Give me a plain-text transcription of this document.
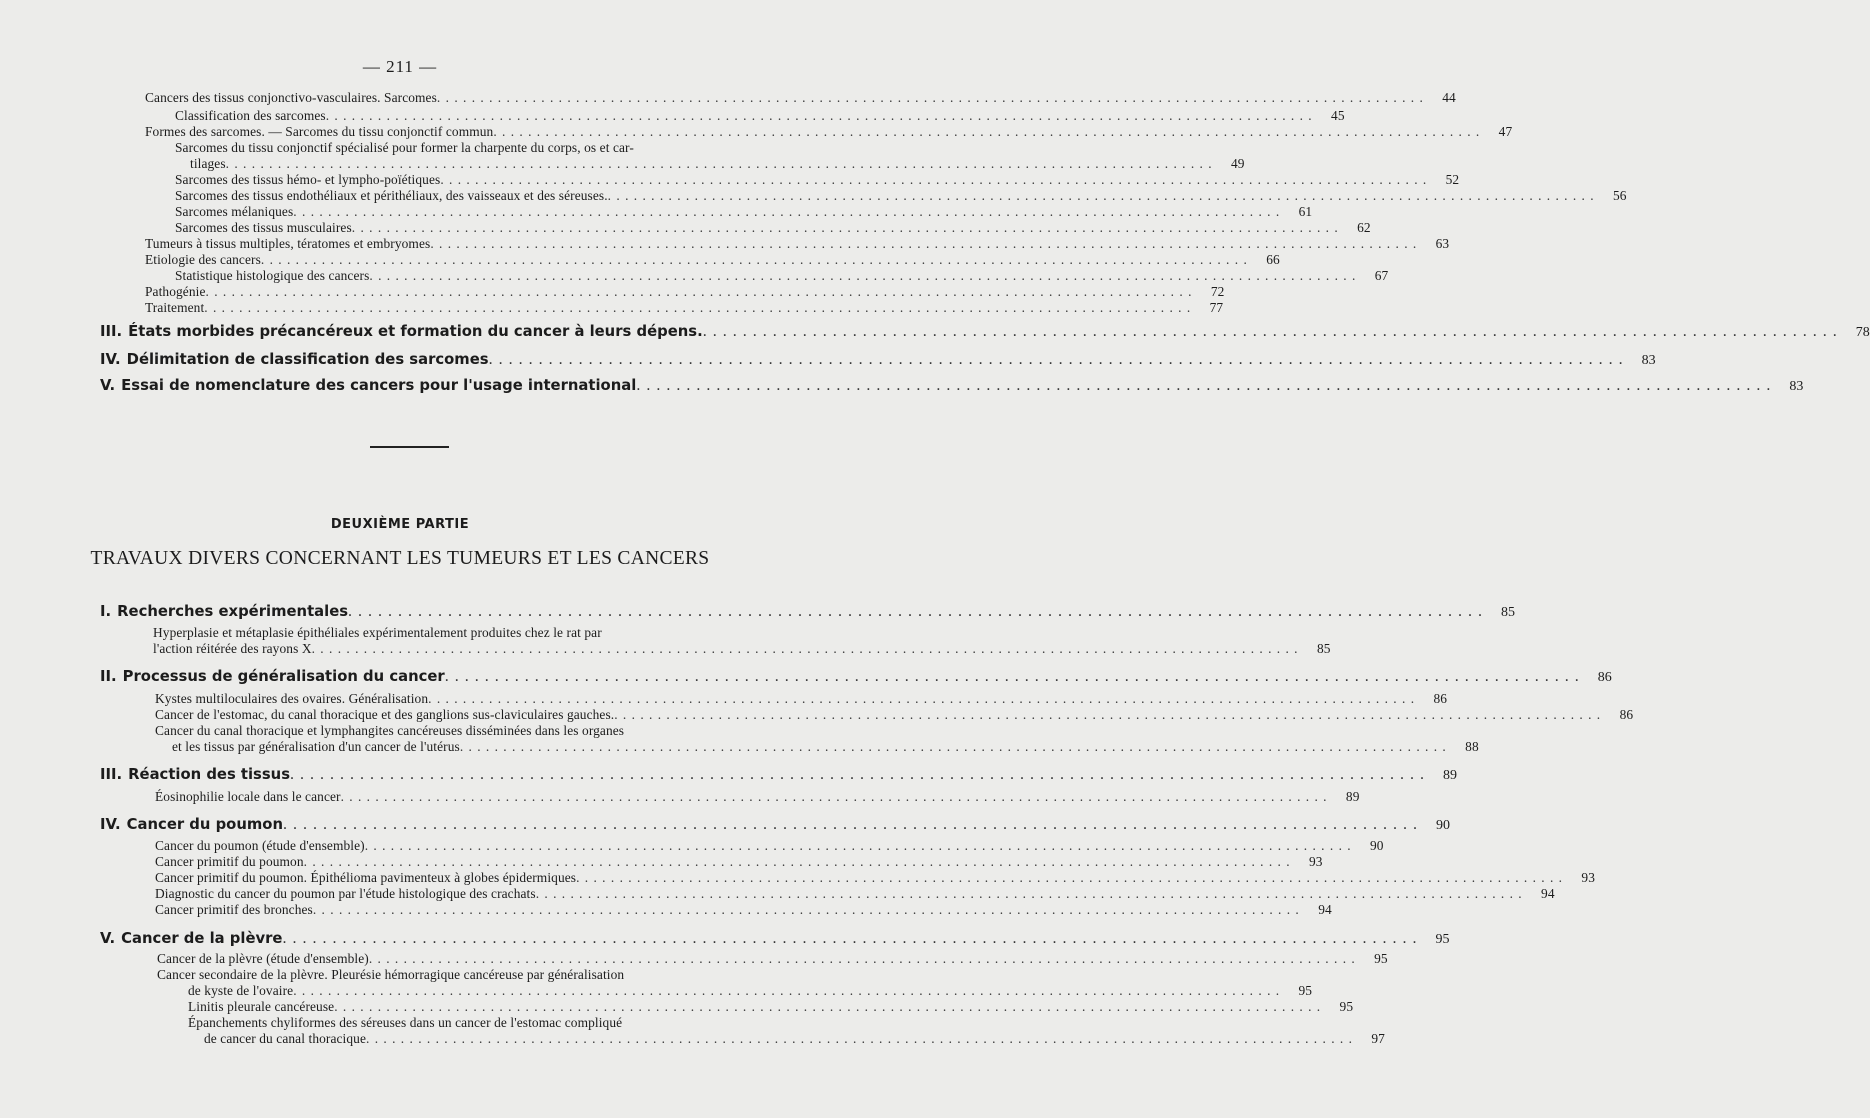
— 211 —
Cancers des tissus conjonctivo-vasculaires. Sarcomes . . .	44
Classification des sarcomes . . .	45
Formes des sarcomes. — Sarcomes du tissu conjonctif commun . . .	47
Sarcomes du tissu conjonctif spécialisé pour former la charpente du corps, os et car-
tilages . . .	49
Sarcomes des tissus hémo- et lympho-poïétiques . . .	52
Sarcomes des tissus endothéliaux et périthéliaux, des vaisseaux et des séreuses. . . .	56
Sarcomes mélaniques . . .	61
Sarcomes des tissus musculaires . . .	62
Tumeurs à tissus multiples, tératomes et embryomes . . .	63
Etiologie des cancers . . .	66
Statistique histologique des cancers . . .	67
Pathogénie . . .	72
Traitement . . .	77
III. États morbides précancéreux et formation du cancer à leurs dépens. . . .	78
IV. Délimitation de classification des sarcomes . . .	83
V. Essai de nomenclature des cancers pour l'usage international . . .	83
DEUXIÈME PARTIE
TRAVAUX DIVERS CONCERNANT LES TUMEURS ET LES CANCERS
I. Recherches expérimentales . . .	85
Hyperplasie et métaplasie épithéliales expérimentalement produites chez le rat par
l'action réitérée des rayons X . . .	85
II. Processus de généralisation du cancer . . .	86
Kystes multiloculaires des ovaires. Généralisation . . .	86
Cancer de l'estomac, du canal thoracique et des ganglions sus-claviculaires gauches. . . .	86
Cancer du canal thoracique et lymphangites cancéreuses disséminées dans les organes
et les tissus par généralisation d'un cancer de l'utérus . . .	88
III. Réaction des tissus . . .	89
Éosinophilie locale dans le cancer . . .	89
IV. Cancer du poumon . . .	90
Cancer du poumon (étude d'ensemble) . . .	90
Cancer primitif du poumon . . .	93
Cancer primitif du poumon. Épithélioma pavimenteux à globes épidermiques . . .	93
Diagnostic du cancer du poumon par l'étude histologique des crachats . . .	94
Cancer primitif des bronches . . .	94
V. Cancer de la plèvre . . .	95
Cancer de la plèvre (étude d'ensemble) . . .	95
Cancer secondaire de la plèvre. Pleurésie hémorragique cancéreuse par généralisation
de kyste de l'ovaire . . .	95
Linitis pleurale cancéreuse . . .	95
Épanchements chyliformes des séreuses dans un cancer de l'estomac compliqué
de cancer du canal thoracique . . .	97
